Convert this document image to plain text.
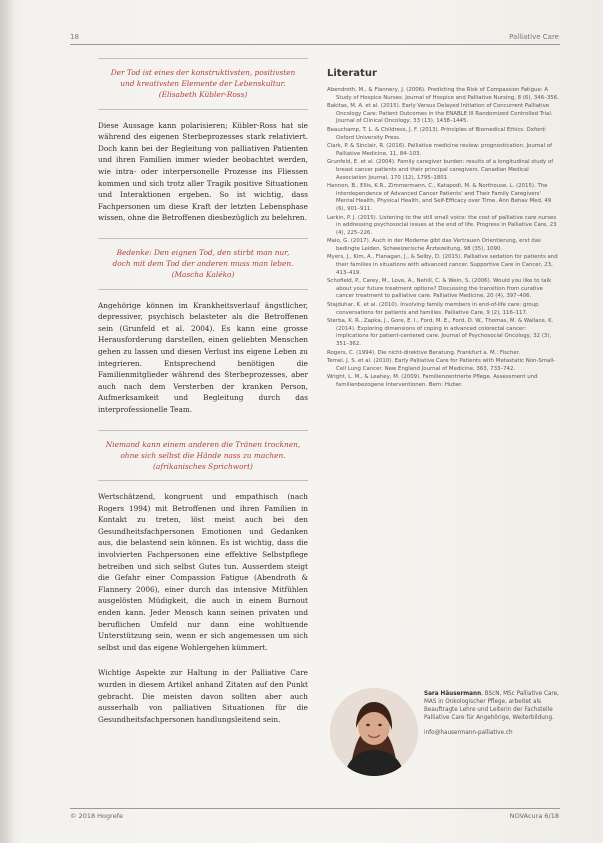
18	Palliative Care
Der Tod ist eines der konstruktivsten, positivsten
und kreativsten Elemente der Lebenskultur.
(Elisabeth Kübler-Ross)

Diese Aussage kann polarisieren; Kübler-Ross hat sie während des eigenen Sterbeprozesses stark relativiert. Doch kann bei der Begleitung von palliativen Patienten und ihren Familien immer wieder beobachtet werden, wie intra- oder interpersonelle Prozesse ins Fliessen kommen und sich trotz aller Tragik positive Situationen und Interaktionen ergeben. So ist wichtig, dass Fachpersonen um diese Kraft der letzten Lebensphase wissen, ohne die Betroffenen diesbezüglich zu belehren.

Bedenke: Den eignen Tod, den stirbt man nur,
doch mit dem Tod der anderen muss man leben.
(Mascha Kaléko)

Angehörige können im Krankheitsverlauf ängstlicher, depressiver, psychisch belasteter als die Betroffenen sein (Grunfeld et al. 2004). Es kann eine grosse Herausforderung darstellen, einen geliebten Menschen gehen zu lassen und diesen Verlust ins eigene Leben zu integrieren. Entsprechend benötigen die Familienmitglieder während des Sterbeprozesses, aber auch nach dem Versterben der kranken Person, Aufmerksamkeit und Begleitung durch das interprofessionelle Team.

Niemand kann einem anderen die Tränen trocknen,
ohne sich selbst die Hände nass zu machen.
(afrikanisches Sprichwort)

Wertschätzend, kongruent und empathisch (nach Rogers 1994) mit Betroffenen und ihren Familien in Kontakt zu treten, löst meist auch bei den Gesundheitsfachpersonen Emotionen und Gedanken aus, die belastend sein können. Es ist wichtig, dass die involvierten Fachpersonen eine effektive Selbstpflege betreiben und sich selbst Gutes tun. Ausserdem steigt die Gefahr einer Compassion Fatigue (Abendroth & Flannery 2006), einer durch das intensive Mitfühlen ausgelösten Müdigkeit, die auch in einem Burnout enden kann. Jeder Mensch kann seinen privaten und beruflichen Umfeld nur dann eine wohltuende Unterstützung sein, wenn er sich angemessen um sich selbst und das eigene Wohlergehen kümmert.

Wichtige Aspekte zur Haltung in der Palliative Care wurden in diesem Artikel anhand Zitaten auf den Punkt gebracht. Die meisten davon sollten aber auch ausserhalb von palliativen Situationen für die Gesundheitsfachpersonen handlungsleitend sein.

Literatur
Abendroth, M., & Flannery, J. (2006). Predicting the Risk of Compassion Fatigue: A Study of Hospice Nurses. Journal of Hospice and Palliative Nursing, 8 (6), 346–356.
Bakitas, M. A. et al. (2015). Early Versus Delayed Initiation of Concurrent Palliative Oncology Care: Patient Outcomes in the ENABLE III Randomized Controlled Trial. Journal of Clinical Oncology, 33 (13), 1438–1445.
Beauchamp, T. L. & Childress, J. F. (2013). Principles of Biomedical Ethics. Oxford: Oxford University Press.
Clark, P. & Sinclair, R. (2016). Palliative medicine review: prognostication. Journal of Palliative Medicine, 11, 84–103.
Grunfeld, E. et al. (2004). Family caregiver burden: results of a longitudinal study of breast cancer patients and their principal caregivers. Canadian Medical Association Journal, 170 (12), 1795–1801.
Hannon, B., Ellis, K.R., Zimmermann, C., Katapodi, M. & Northouse, L. (2015). The Interdependence of Advanced Cancer Patients' and Their Family Caregivers' Mental Health, Physical Health, and Self-Efficacy over Time. Ann Behav Med, 49 (6), 901–911.
Larkin, P. J. (2015). Listening to the still small voice: the cost of palliative care nurses in addressing psychosocial issues at the end of life. Progress in Palliative Care, 23 (4), 225–226.
Maio, G. (2017). Auch in der Moderne gibt das Vertrauen Orientierung, erst das bedingte Leiden. Schweizerische Ärztezeitung, 98 (35), 1090.
Myers, J., Kim, A., Flanagan, J., & Selby, D. (2015). Palliative sedation for patients and their families in situations with advanced cancer. Supportive Care in Cancer, 23, 413–419.
Schofield, P., Carey, M., Love, A., Nehill, C. & Wein, S. (2006). Would you like to talk about your future treatment options? Discussing the transition from curative cancer treatment to palliative care. Palliative Medicine, 20 (4), 397–406.
Stajduhar, K. et al. (2010). Involving family members in end-of-life care: group conversations for patients and families. Palliative Care, 9 (2), 116–117.
Sterba, K. R., Zapka, J., Gore, E. I., Ford, M. E., Ford, D. W., Thomas, M. & Wallace, K. (2014). Exploring dimensions of coping in advanced colorectal cancer: implications for patient-centered care. Journal of Psychosocial Oncology, 32 (3), 351–362.
Rogers, C. (1994). Die nicht-direktive Beratung. Frankfurt a. M.: Fischer.
Temel, J. S. et al. (2010). Early Palliative Care for Patients with Metastatic Non-Small-Cell Lung Cancer. New England Journal of Medicine, 363, 733–742.
Wright, L. M., & Leahey, M. (2009). Familienzentrierte Pflege. Assessment und familienbezogene Interventionen. Bern: Huber.
Sara Häusermann, BScN, MSc Palliative Care, MAS in Onkologischer Pflege, arbeitet als Beauftragte Lehre und Leiterin der Fachstelle Palliative Care für Angehörige, Weiterbildung.
info@hausermann-palliative.ch
© 2018 Hogrefe	NOVAcura 6/18
